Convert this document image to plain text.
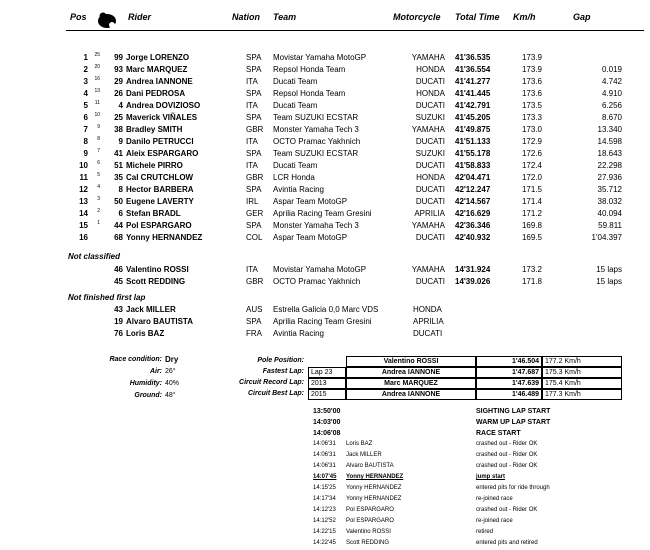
Pos	Rider	Nation Team	Motorcycle Total Time Km/h	Gap
1	25	99 Jorge LORENZO	SPA Movistar Yamaha MotoGP	YAMAHA 41'36.535	173.9
2	20	93 Marc MARQUEZ	SPA Repsol Honda Team	HONDA 41'36.554	173.9	0.019
3	16	29 Andrea IANNONE	ITA Ducati Team	DUCATI 41'41.277	173.6	4.742
4	13	26 Dani PEDROSA	SPA Repsol Honda Team	HONDA 41'41.445	173.6	4.910
5	11	4 Andrea DOVIZIOSO	ITA Ducati Team	DUCATI 41'42.791	173.5	6.256
6	10	25 Maverick VIÑALES	SPA Team SUZUKI ECSTAR	SUZUKI 41'45.205	173.3	8.670
7	9	38 Bradley SMITH	GBR Monster Yamaha Tech 3	YAMAHA 41'49.875	173.0	13.340
8	8	9 Danilo PETRUCCI	ITA OCTO Pramac Yakhnich	DUCATI 41'51.133	172.9	14.598
9	7	41 Aleix ESPARGARO	SPA Team SUZUKI ECSTAR	SUZUKI 41'55.178	172.6	18.643
10	6	51 Michele PIRRO	ITA Ducati Team	DUCATI 41'58.833	172.4	22.298
11	5	35 Cal CRUTCHLOW	GBR LCR Honda	HONDA 42'04.471	172.0	27.936
12	4	8 Hector BARBERA	SPA Avintia Racing	DUCATI 42'12.247	171.5	35.712
13	3	50 Eugene LAVERTY	IRL Aspar Team MotoGP	DUCATI 42'14.567	171.4	38.032
14	2	6 Stefan BRADL	GER Aprilia Racing Team Gresini	APRILIA 42'16.629	171.2	40.094
15	1	44 Pol ESPARGARO	SPA Monster Yamaha Tech 3	YAMAHA 42'36.346	169.8	59.811
16	68 Yonny HERNANDEZ	COL Aspar Team MotoGP	DUCATI 42'40.932	169.5	1'04.397
Not classified
46 Valentino ROSSI	ITA Movistar Yamaha MotoGP	YAMAHA 14'31.924	173.2	15 laps
45 Scott REDDING	GBR OCTO Pramac Yakhnich	DUCATI 14'39.026	171.8	15 laps
Not finished first lap
43 Jack MILLER	AUS Estrella Galicia 0,0 Marc VDS	HONDA
19 Alvaro BAUTISTA	SPA Aprilia Racing Team Gresini	APRILIA
76 Loris BAZ	FRA Avintia Racing	DUCATI
Race condition: Dry
Air: 26°
Humidity: 40%
Ground: 48°
Pole Position:	Valentino ROSSI	1'46.504 177.2 Km/h
Fastest Lap:	Lap 23	Andrea IANNONE	1'47.687 175.3 Km/h
Circuit Record Lap:	2013	Marc MARQUEZ	1'47.639 175.4 Km/h
Circuit Best Lap:	2015	Andrea IANNONE	1'46.489 177.3 Km/h
13:50'00	SIGHTING LAP START
14:03'00	WARM UP LAP START
14:06'08	RACE START
14:06'31 Loris BAZ	crashed out - Rider OK
14:06'31 Jack MILLER	crashed out - Rider OK
14:06'31 Alvaro BAUTISTA	crashed out - Rider OK
14:07'45 Yonny HERNANDEZ	jump start
14:15'25 Yonny HERNANDEZ	entered pits for ride through
14:17'34 Yonny HERNANDEZ	re-joined race
14:12'23 Pol ESPARGARO	crashed out - Rider OK
14:12'52 Pol ESPARGARO	re-joined race
14:22'15 Valentino ROSSI	retired
14:22'45 Scott REDDING	entered pits and retired
